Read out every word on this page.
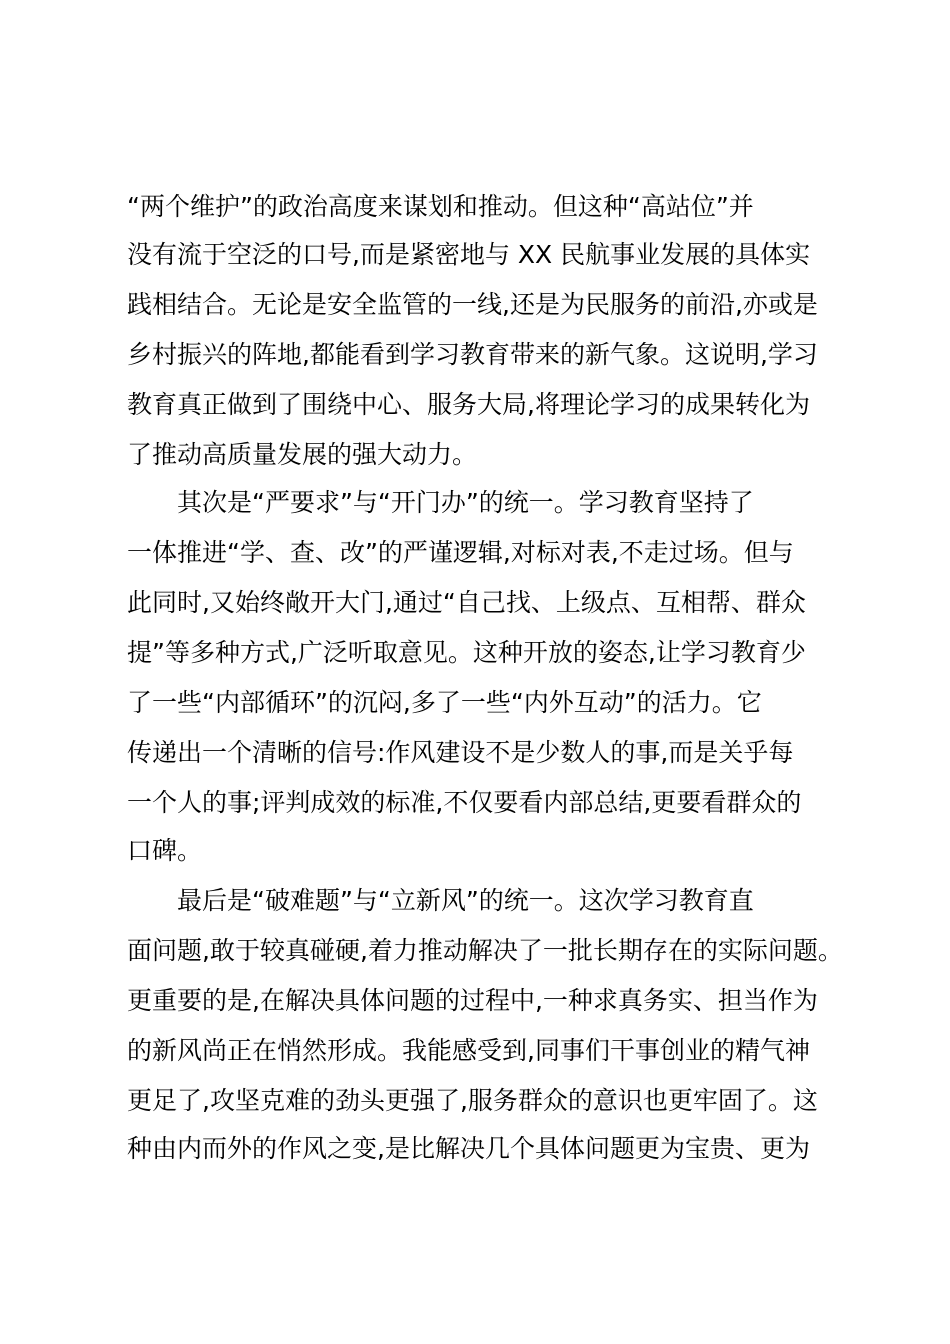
“两个维护”的政治高度来谋划和推动。但这种“高站位”并
没有流于空泛的口号,而是紧密地与 XX 民航事业发展的具体实
践相结合。无论是安全监管的一线,还是为民服务的前沿,亦或是
乡村振兴的阵地,都能看到学习教育带来的新气象。这说明,学习
教育真正做到了围绕中心、服务大局,将理论学习的成果转化为
了推动高质量发展的强大动力。
其次是“严要求”与“开门办”的统一。学习教育坚持了
一体推进“学、查、改”的严谨逻辑,对标对表,不走过场。但与
此同时,又始终敞开大门,通过“自己找、上级点、互相帮、群众
提”等多种方式,广泛听取意见。这种开放的姿态,让学习教育少
了一些“内部循环”的沉闷,多了一些“内外互动”的活力。它
传递出一个清晰的信号:作风建设不是少数人的事,而是关乎每
一个人的事;评判成效的标准,不仅要看内部总结,更要看群众的
口碑。
最后是“破难题”与“立新风”的统一。这次学习教育直
面问题,敢于较真碰硬,着力推动解决了一批长期存在的实际问题。
更重要的是,在解决具体问题的过程中,一种求真务实、担当作为
的新风尚正在悄然形成。我能感受到,同事们干事创业的精气神
更足了,攻坚克难的劲头更强了,服务群众的意识也更牢固了。这
种由内而外的作风之变,是比解决几个具体问题更为宝贵、更为
